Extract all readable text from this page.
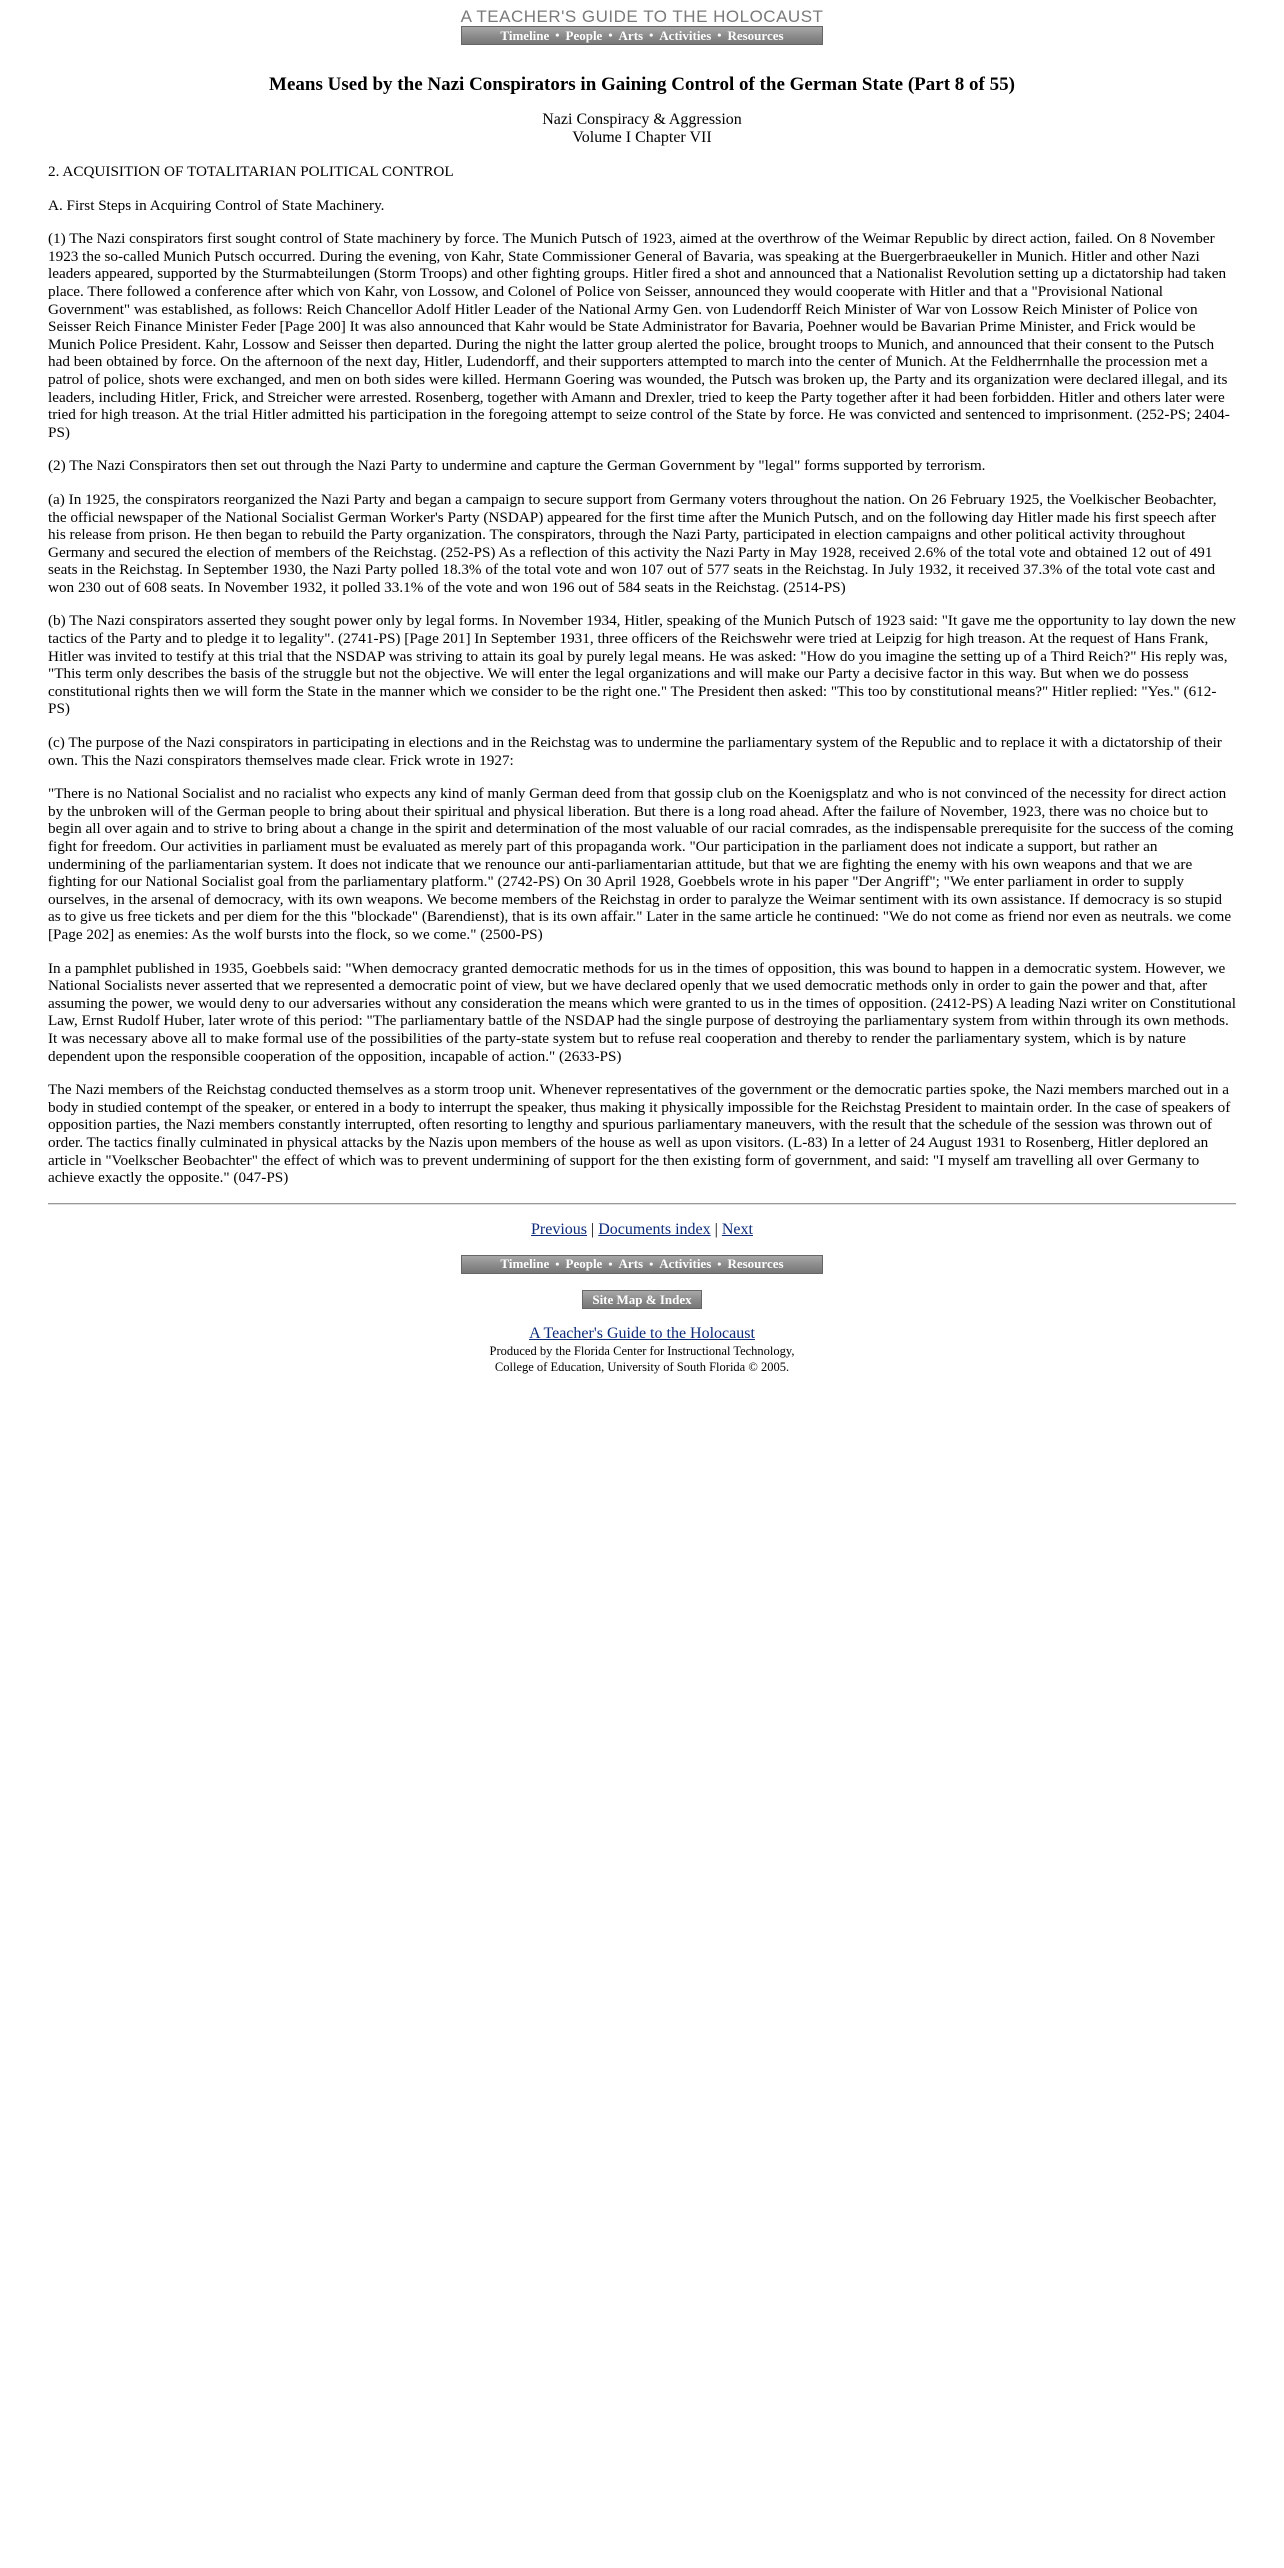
A TEACHER'S GUIDE TO THE HOLOCAUST
Timeline • People • Arts • Activities • Resources
Means Used by the Nazi Conspirators in Gaining Control of the German State (Part 8 of 55)
Nazi Conspiracy & Aggression
Volume I Chapter VII

2. ACQUISITION OF TOTALITARIAN POLITICAL CONTROL

A. First Steps in Acquiring Control of State Machinery.

(1) The Nazi conspirators first sought control of State machinery by force. The Munich Putsch of 1923, aimed at the overthrow of the Weimar Republic by direct action, failed. On 8 November 1923 the so-called Munich Putsch occurred. During the evening, von Kahr, State Commissioner General of Bavaria, was speaking at the Buergerbraeukeller in Munich. Hitler and other Nazi leaders appeared, supported by the Sturmabteilungen (Storm Troops) and other fighting groups. Hitler fired a shot and announced that a Nationalist Revolution setting up a dictatorship had taken place. There followed a conference after which von Kahr, von Lossow, and Colonel of Police von Seisser, announced they would cooperate with Hitler and that a "Provisional National Government" was established, as follows: Reich Chancellor Adolf Hitler Leader of the National Army Gen. von Ludendorff Reich Minister of War von Lossow Reich Minister of Police von Seisser Reich Finance Minister Feder [Page 200] It was also announced that Kahr would be State Administrator for Bavaria, Poehner would be Bavarian Prime Minister, and Frick would be Munich Police President. Kahr, Lossow and Seisser then departed. During the night the latter group alerted the police, brought troops to Munich, and announced that their consent to the Putsch had been obtained by force. On the afternoon of the next day, Hitler, Ludendorff, and their supporters attempted to march into the center of Munich. At the Feldherrnhalle the procession met a patrol of police, shots were exchanged, and men on both sides were killed. Hermann Goering was wounded, the Putsch was broken up, the Party and its organization were declared illegal, and its leaders, including Hitler, Frick, and Streicher were arrested. Rosenberg, together with Amann and Drexler, tried to keep the Party together after it had been forbidden. Hitler and others later were tried for high treason. At the trial Hitler admitted his participation in the foregoing attempt to seize control of the State by force. He was convicted and sentenced to imprisonment. (252-PS; 2404-PS)

(2) The Nazi Conspirators then set out through the Nazi Party to undermine and capture the German Government by "legal" forms supported by terrorism.

(a) In 1925, the conspirators reorganized the Nazi Party and began a campaign to secure support from Germany voters throughout the nation. On 26 February 1925, the Voelkischer Beobachter, the official newspaper of the National Socialist German Worker's Party (NSDAP) appeared for the first time after the Munich Putsch, and on the following day Hitler made his first speech after his release from prison. He then began to rebuild the Party organization. The conspirators, through the Nazi Party, participated in election campaigns and other political activity throughout Germany and secured the election of members of the Reichstag. (252-PS) As a reflection of this activity the Nazi Party in May 1928, received 2.6% of the total vote and obtained 12 out of 491 seats in the Reichstag. In September 1930, the Nazi Party polled 18.3% of the total vote and won 107 out of 577 seats in the Reichstag. In July 1932, it received 37.3% of the total vote cast and won 230 out of 608 seats. In November 1932, it polled 33.1% of the vote and won 196 out of 584 seats in the Reichstag. (2514-PS)

(b) The Nazi conspirators asserted they sought power only by legal forms. In November 1934, Hitler, speaking of the Munich Putsch of 1923 said: "It gave me the opportunity to lay down the new tactics of the Party and to pledge it to legality". (2741-PS) [Page 201] In September 1931, three officers of the Reichswehr were tried at Leipzig for high treason. At the request of Hans Frank, Hitler was invited to testify at this trial that the NSDAP was striving to attain its goal by purely legal means. He was asked: "How do you imagine the setting up of a Third Reich?" His reply was, "This term only describes the basis of the struggle but not the objective. We will enter the legal organizations and will make our Party a decisive factor in this way. But when we do possess constitutional rights then we will form the State in the manner which we consider to be the right one." The President then asked: "This too by constitutional means?" Hitler replied: "Yes." (612-PS)

(c) The purpose of the Nazi conspirators in participating in elections and in the Reichstag was to undermine the parliamentary system of the Republic and to replace it with a dictatorship of their own. This the Nazi conspirators themselves made clear. Frick wrote in 1927:

"There is no National Socialist and no racialist who expects any kind of manly German deed from that gossip club on the Koenigsplatz and who is not convinced of the necessity for direct action by the unbroken will of the German people to bring about their spiritual and physical liberation. But there is a long road ahead. After the failure of November, 1923, there was no choice but to begin all over again and to strive to bring about a change in the spirit and determination of the most valuable of our racial comrades, as the indispensable prerequisite for the success of the coming fight for freedom. Our activities in parliament must be evaluated as merely part of this propaganda work. "Our participation in the parliament does not indicate a support, but rather an undermining of the parliamentarian system. It does not indicate that we renounce our anti-parliamentarian attitude, but that we are fighting the enemy with his own weapons and that we are fighting for our National Socialist goal from the parliamentary platform." (2742-PS) On 30 April 1928, Goebbels wrote in his paper "Der Angriff"; "We enter parliament in order to supply ourselves, in the arsenal of democracy, with its own weapons. We become members of the Reichstag in order to paralyze the Weimar sentiment with its own assistance. If democracy is so stupid as to give us free tickets and per diem for the this "blockade" (Barendienst), that is its own affair." Later in the same article he continued: "We do not come as friend nor even as neutrals. we come [Page 202] as enemies: As the wolf bursts into the flock, so we come." (2500-PS)

In a pamphlet published in 1935, Goebbels said: "When democracy granted democratic methods for us in the times of opposition, this was bound to happen in a democratic system. However, we National Socialists never asserted that we represented a democratic point of view, but we have declared openly that we used democratic methods only in order to gain the power and that, after assuming the power, we would deny to our adversaries without any consideration the means which were granted to us in the times of opposition. (2412-PS) A leading Nazi writer on Constitutional Law, Ernst Rudolf Huber, later wrote of this period: "The parliamentary battle of the NSDAP had the single purpose of destroying the parliamentary system from within through its own methods. It was necessary above all to make formal use of the possibilities of the party-state system but to refuse real cooperation and thereby to render the parliamentary system, which is by nature dependent upon the responsible cooperation of the opposition, incapable of action." (2633-PS)

The Nazi members of the Reichstag conducted themselves as a storm troop unit. Whenever representatives of the government or the democratic parties spoke, the Nazi members marched out in a body in studied contempt of the speaker, or entered in a body to interrupt the speaker, thus making it physically impossible for the Reichstag President to maintain order. In the case of speakers of opposition parties, the Nazi members constantly interrupted, often resorting to lengthy and spurious parliamentary maneuvers, with the result that the schedule of the session was thrown out of order. The tactics finally culminated in physical attacks by the Nazis upon members of the house as well as upon visitors. (L-83) In a letter of 24 August 1931 to Rosenberg, Hitler deplored an article in "Voelkscher Beobachter" the effect of which was to prevent undermining of support for the then existing form of government, and said: "I myself am travelling all over Germany to achieve exactly the opposite." (047-PS)

Previous | Documents index | Next
Timeline • People • Arts • Activities • Resources
Site Map & Index
A Teacher's Guide to the Holocaust
Produced by the Florida Center for Instructional Technology,
College of Education, University of South Florida © 2005.
